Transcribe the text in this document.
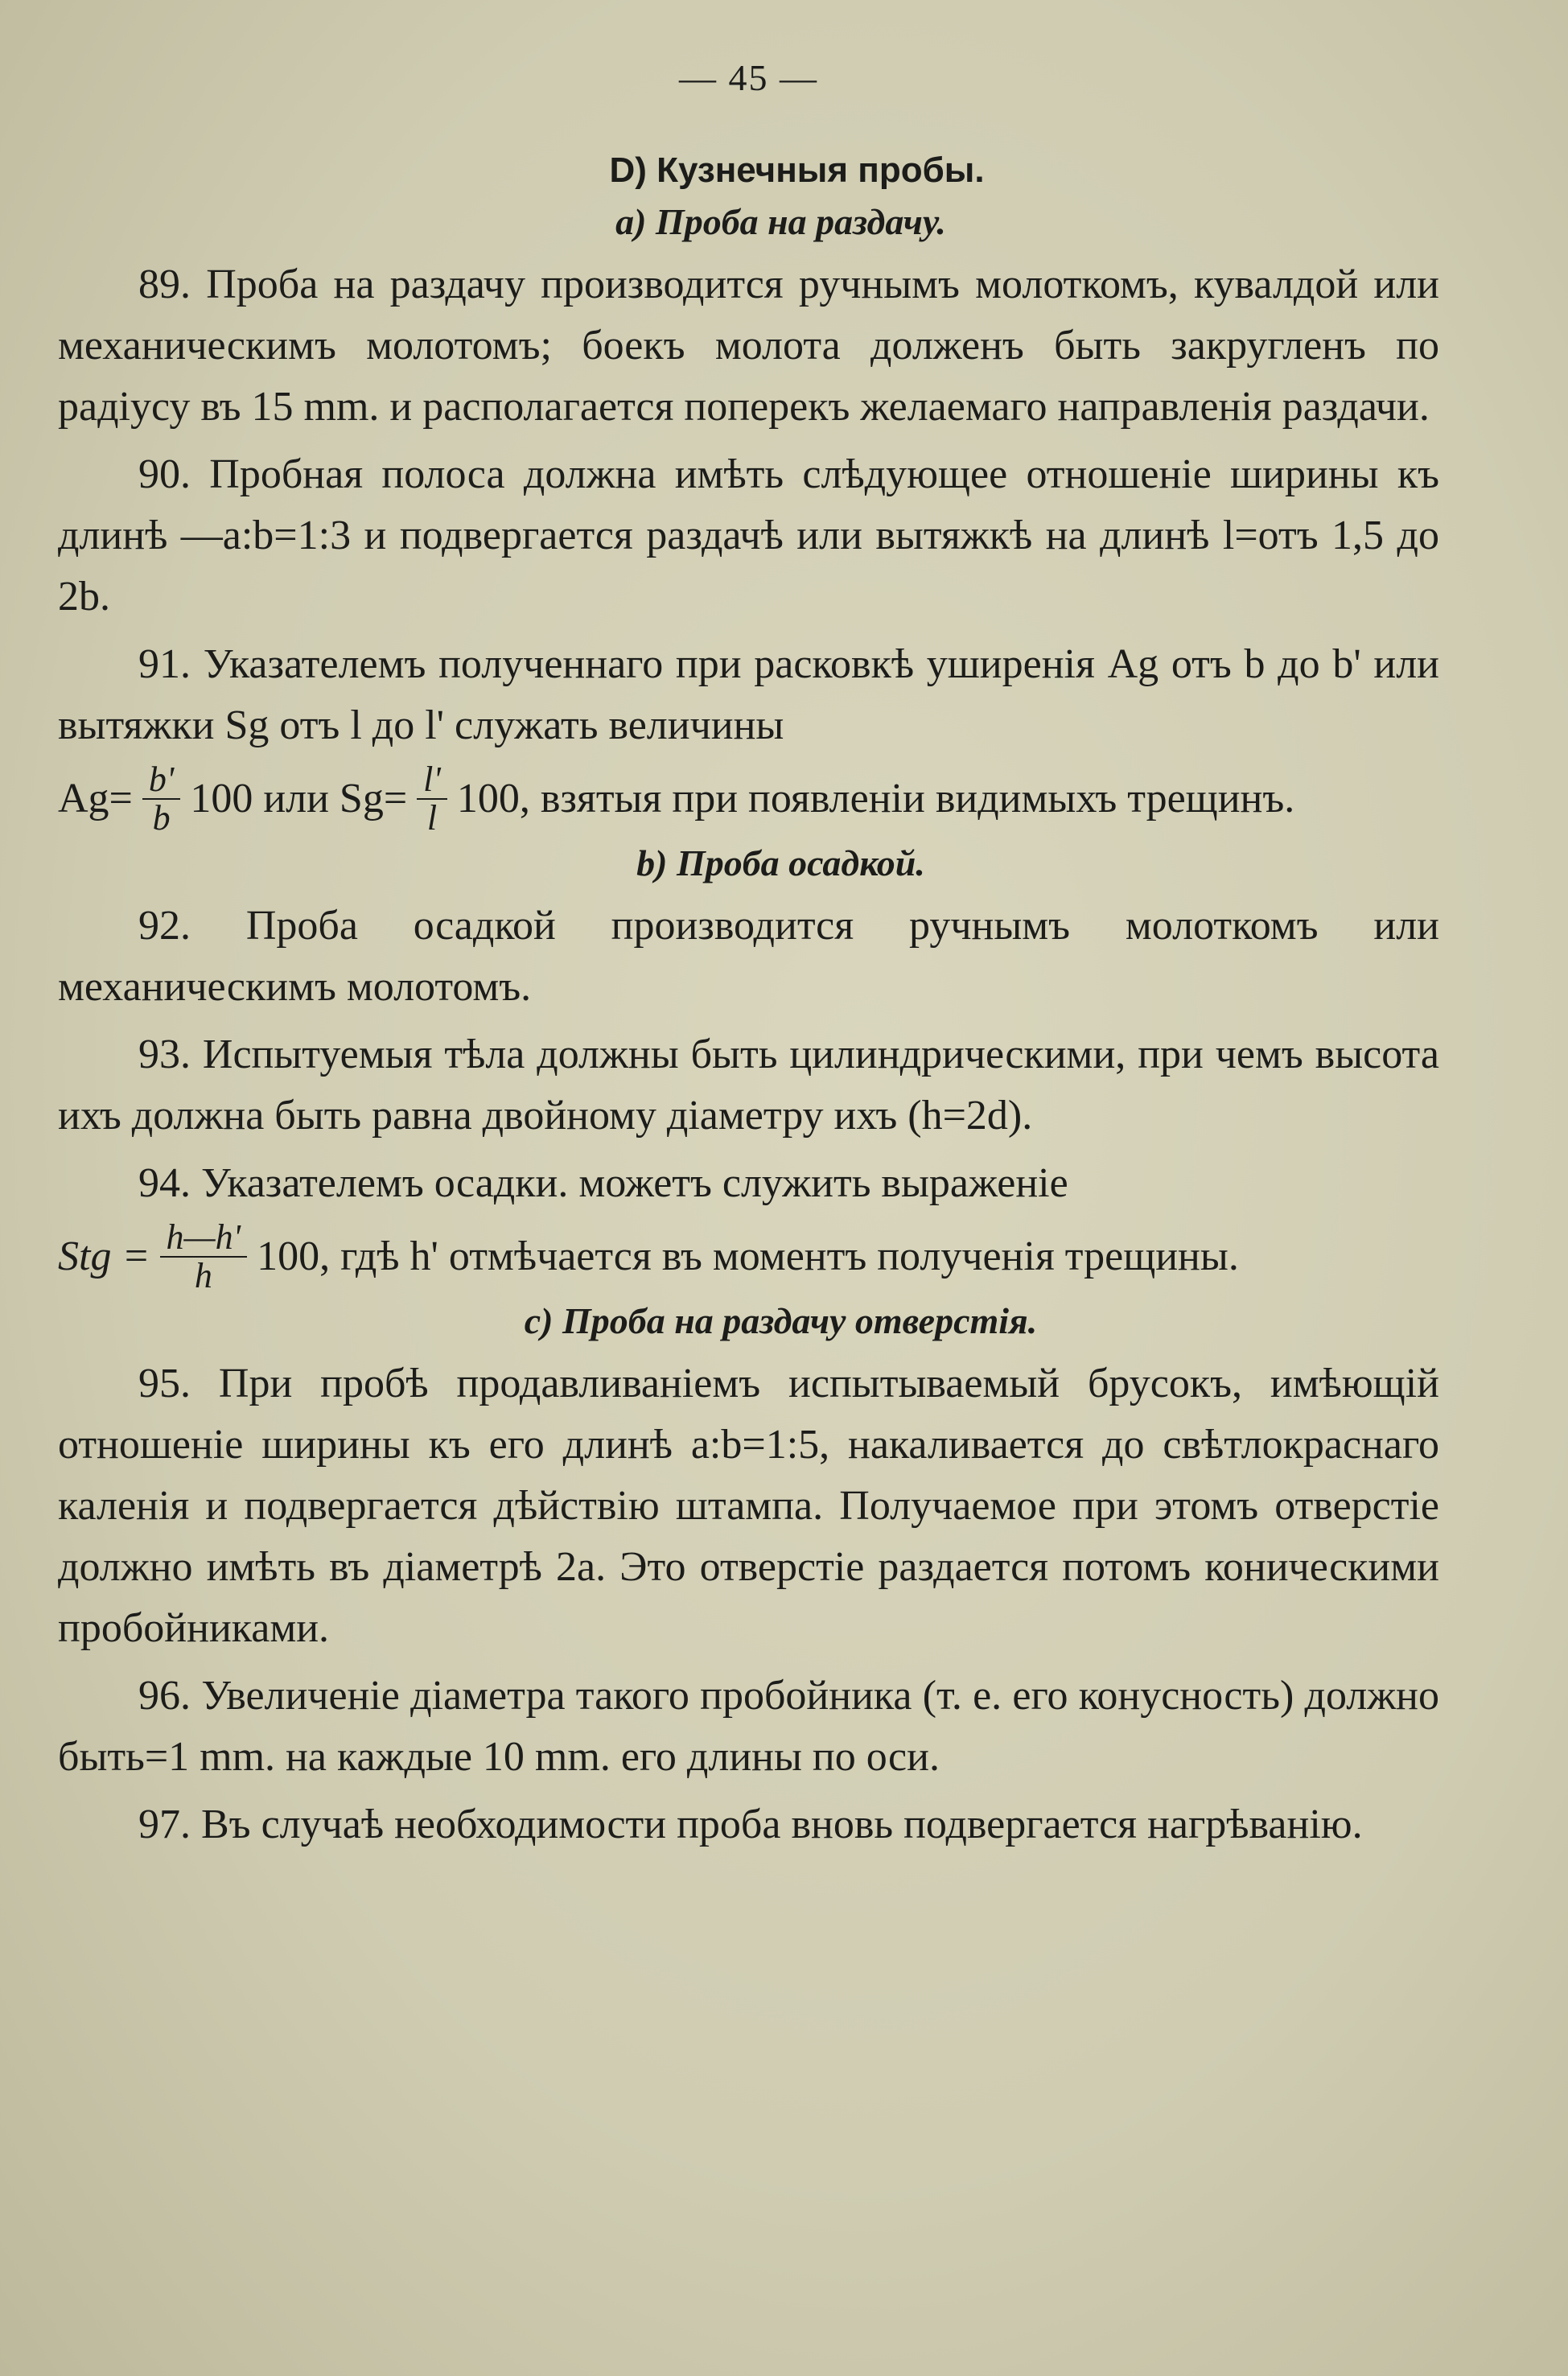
— 45 —
D) Кузнечныя пробы.
a) Проба на раздачу.

89. Проба на раздачу производится ручнымъ молоткомъ, кувалдой или механическимъ молотомъ; боекъ молота долженъ быть закругленъ по радіусу въ 15 mm. и располагается поперекъ желаемаго направленія раздачи.

90. Пробная полоса должна имѣть слѣдующее отношеніе ширины къ длинѣ —a:b=1:3 и подвергается раздачѣ или вытяжкѣ на длинѣ l=отъ 1,5 до 2b.

91. Указателемъ полученнаго при расковкѣ уширенія Ag отъ b до b' или вытяжки Sg отъ l до l' служать величины

$Ag= \frac{b'}{b} 100$ или $Sg= \frac{l'}{l} 100$, взятыя при появленіи видимыхъ трещинъ.
b) Проба осадкой.

92. Проба осадкой производится ручнымъ молоткомъ или механическимъ молотомъ.

93. Испытуемыя тѣла должны быть цилиндрическими, при чемъ высота ихъ должна быть равна двойному діаметру ихъ (h=2d).

94. Указателемъ осадки. можетъ служить выраженіе

Stg = $\frac{h—h'}{h} 100$, гдѣ h' отмѣчается въ моментъ полученія трещины.
c) Проба на раздачу отверстія.

95. При пробѣ продавливаніемъ испытываемый брусокъ, имѣющій отношеніе ширины къ его длинѣ a:b=1:5, накаливается до свѣтлокраснаго каленія и подвергается дѣйствію штампа. Получаемое при этомъ отверстіе должно имѣть въ діаметрѣ 2a. Это отверстіе раздается потомъ коническими пробойниками.

96. Увеличеніе діаметра такого пробойника (т. е. его конусность) должно быть=1 mm. на каждые 10 mm. его длины по оси.

97. Въ случаѣ необходимости проба вновь подвергается нагрѣванію.
